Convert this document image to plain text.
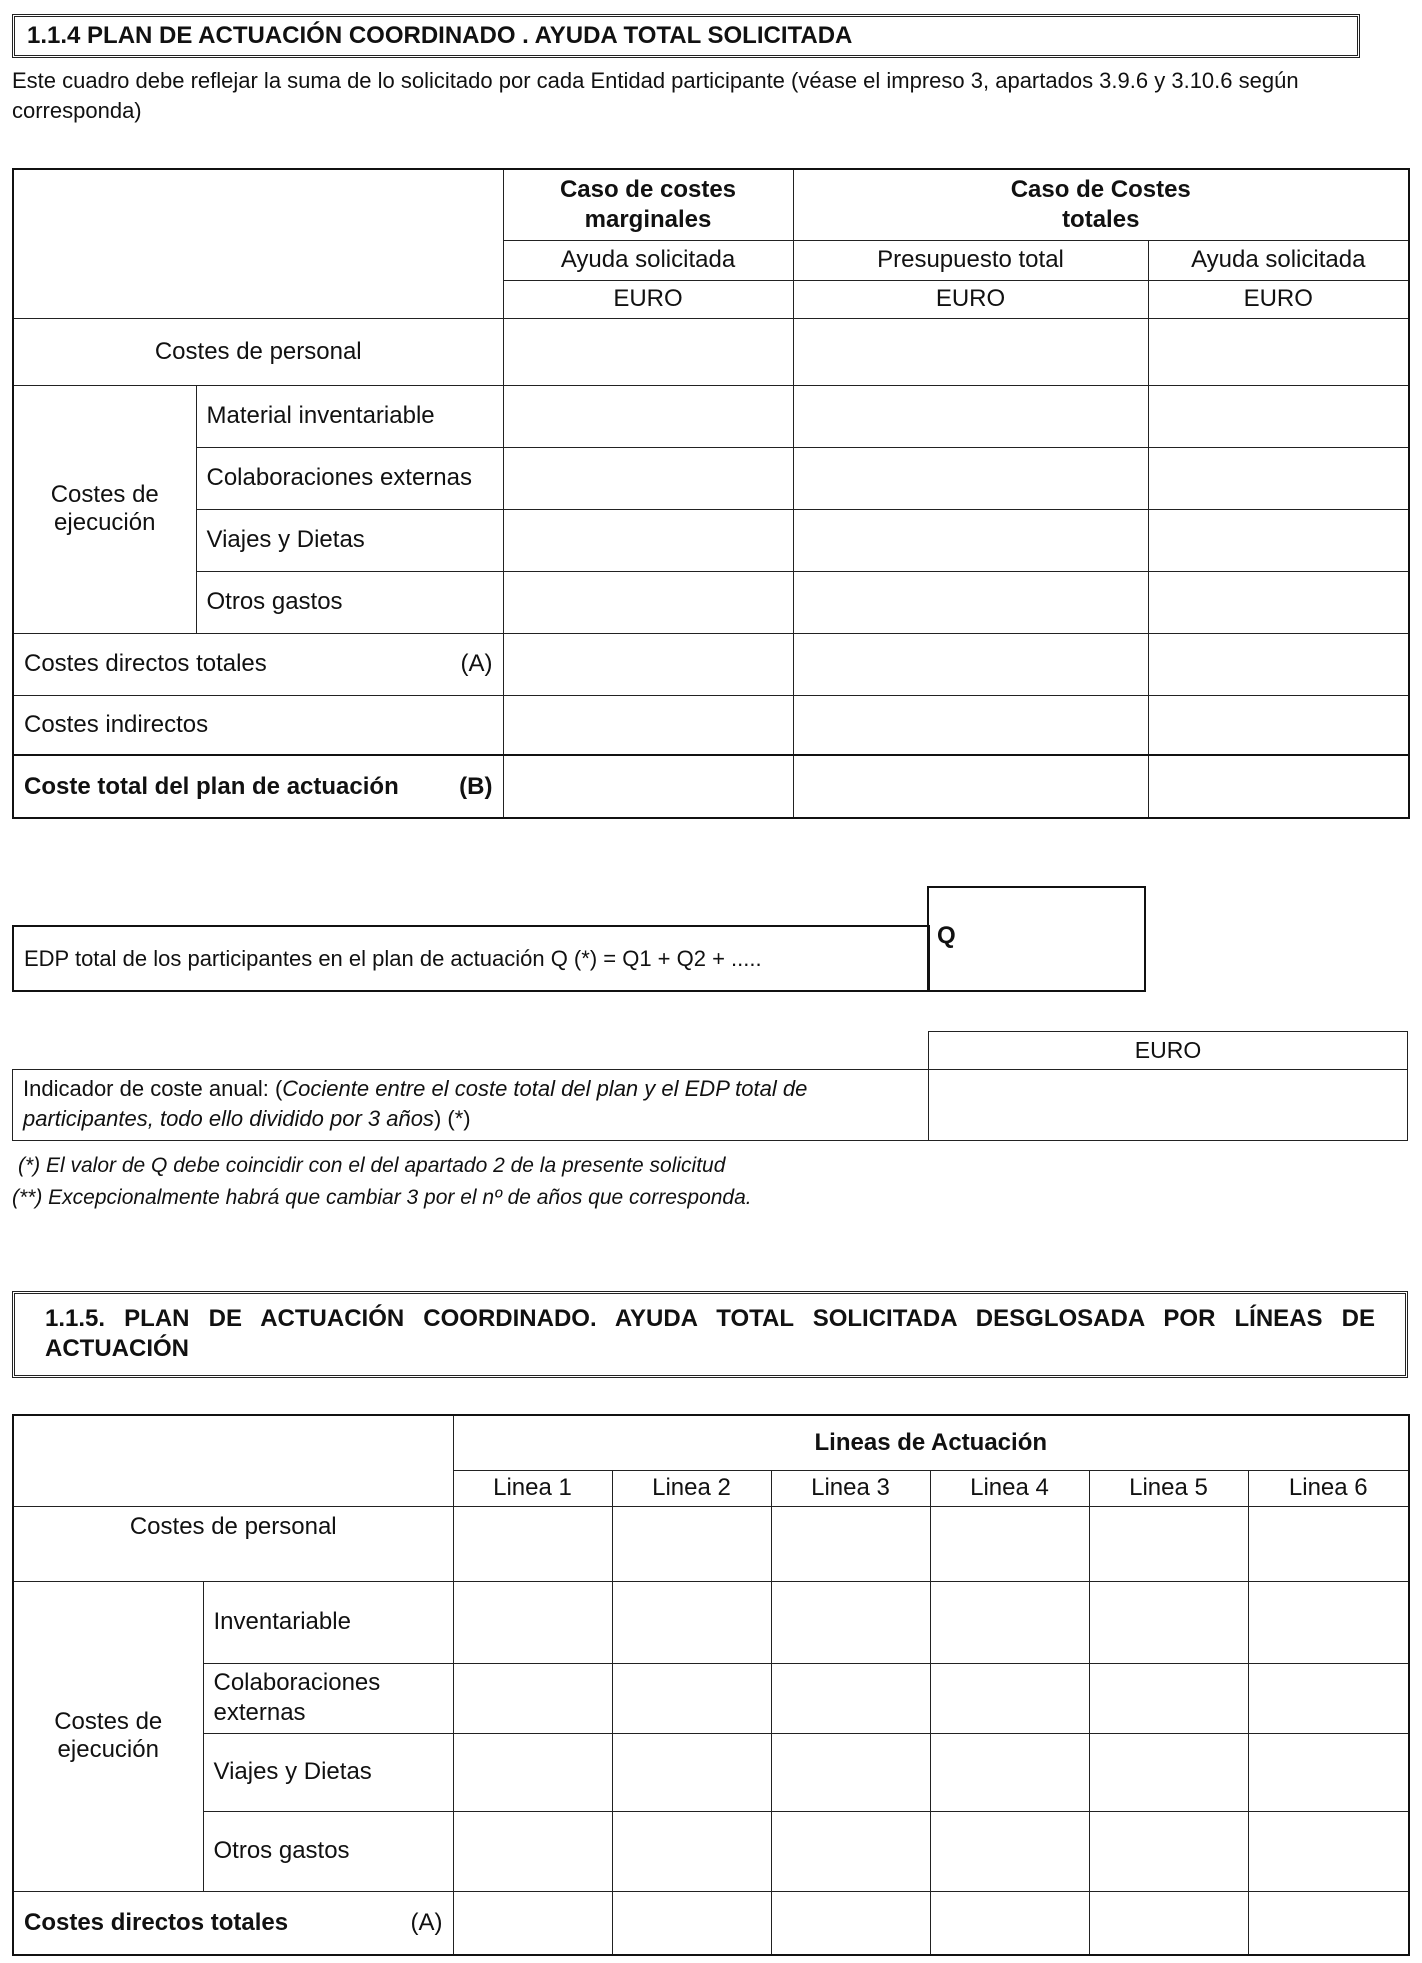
1.1.4 PLAN DE ACTUACIÓN COORDINADO . AYUDA TOTAL SOLICITADA
Este cuadro debe reflejar la suma de lo solicitado por cada Entidad participante (véase el impreso 3, apartados 3.9.6 y 3.10.6 según corresponda)
		Caso de costes marginales	Caso de Costes totales	
		Ayuda solicitada	Presupuesto total	Ayuda solicitada
		EURO	EURO	EURO
Costes de personal				
Costes de ejecución	Material inventariable			
	Colaboraciones externas			
	Viajes y Dietas			
	Otros gastos			

Costes directos totales (A)				

Costes indirectos				

Coste total del plan de actuación (B)				

EDP total de los participantes en el plan de actuación Q (*) = Q1 + Q2 + .....
Q
EURO
Indicador de coste anual: (Cociente entre el coste total del plan y el EDP total de participantes, todo ello dividido por 3 años) (*)
(*) El valor de Q debe coincidir con el del apartado 2 de la presente solicitud
(**) Excepcionalmente habrá que cambiar 3 por el nº de años que corresponda.
1.1.5. PLAN DE ACTUACIÓN COORDINADO. AYUDA TOTAL SOLICITADA DESGLOSADA POR LÍNEAS DE ACTUACIÓN
		Lineas de Actuación					
		Linea 1	Linea 2	Linea 3	Linea 4	Linea 5	Linea 6
Costes de personal							
Costes de ejecución	Inventariable						
	Colaboraciones externas						
	Viajes y Dietas						
	Otros gastos						

Costes directos totales (A)							
